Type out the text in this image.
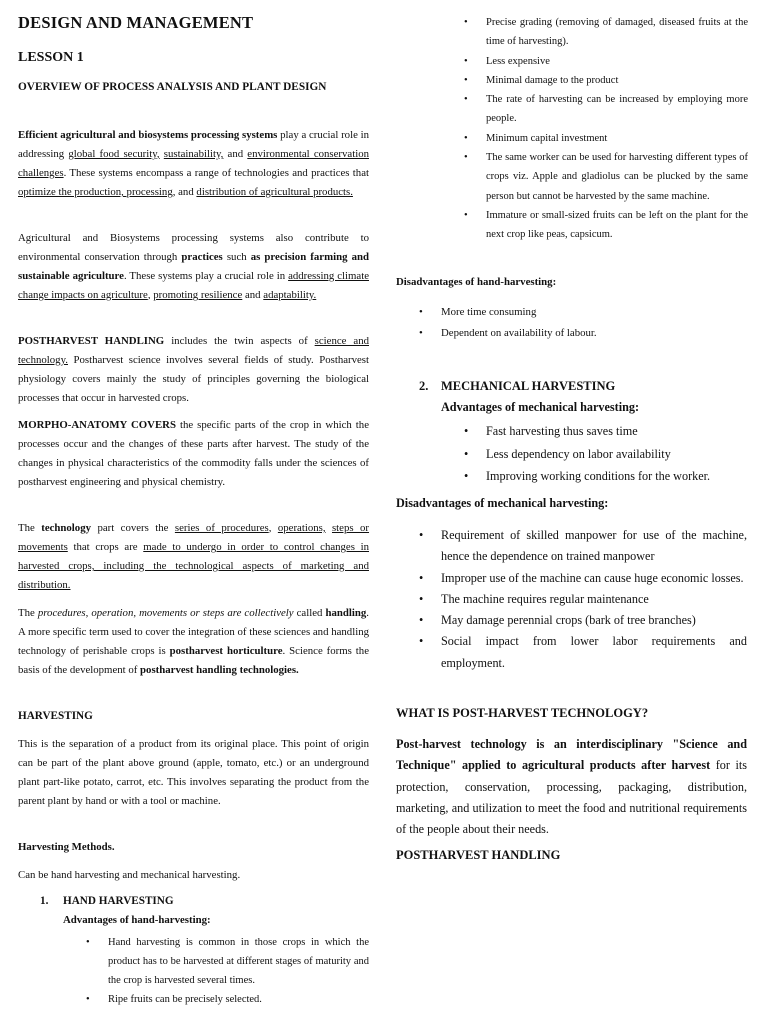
DESIGN AND MANAGEMENT
LESSON 1
OVERVIEW OF PROCESS ANALYSIS AND PLANT DESIGN

Efficient agricultural and biosystems processing systems play a crucial role in addressing global food security, sustainability, and environmental conservation challenges. These systems encompass a range of technologies and practices that optimize the production, processing, and distribution of agricultural products.

Agricultural and Biosystems processing systems also contribute to environmental conservation through practices such as precision farming and sustainable agriculture. These systems play a crucial role in addressing climate change impacts on agriculture, promoting resilience and adaptability.

POSTHARVEST HANDLING includes the twin aspects of science and technology. Postharvest science involves several fields of study. Postharvest physiology covers mainly the study of principles governing the biological processes that occur in harvested crops.

MORPHO-ANATOMY COVERS the specific parts of the crop in which the processes occur and the changes of these parts after harvest. The study of the changes in physical characteristics of the commodity falls under the sciences of postharvest engineering and physical chemistry.

The technology part covers the series of procedures, operations, steps or movements that crops are made to undergo in order to control changes in harvested crops, including the technological aspects of marketing and distribution.

The procedures, operation, movements or steps are collectively called handling. A more specific term used to cover the integration of these sciences and handling technology of perishable crops is postharvest horticulture. Science forms the basis of the development of postharvest handling technologies.

HARVESTING

This is the separation of a product from its original place. This point of origin can be part of the plant above ground (apple, tomato, etc.) or an underground plant part-like potato, carrot, etc. This involves separating the product from the parent plant by hand or with a tool or machine.

Harvesting Methods.

Can be hand harvesting and mechanical harvesting.

1. HAND HARVESTING
Advantages of hand-harvesting:
• Hand harvesting is common in those crops in which the product has to be harvested at different stages of maturity and the crop is harvested several times.
• Ripe fruits can be precisely selected.
• Precise grading (removing of damaged, diseased fruits at the time of harvesting).
• Less expensive
• Minimal damage to the product
• The rate of harvesting can be increased by employing more people.
• Minimum capital investment
• The same worker can be used for harvesting different types of crops viz. Apple and gladiolus can be plucked by the same person but cannot be harvested by the same machine.
• Immature or small-sized fruits can be left on the plant for the next crop like peas, capsicum.
Disadvantages of hand-harvesting:
• More time consuming
• Dependent on availability of labour.
2. MECHANICAL HARVESTING
Advantages of mechanical harvesting:
• Fast harvesting thus saves time
• Less dependency on labor availability
• Improving working conditions for the worker.
Disadvantages of mechanical harvesting:
• Requirement of skilled manpower for use of the machine, hence the dependence on trained manpower
• Improper use of the machine can cause huge economic losses.
• The machine requires regular maintenance
• May damage perennial crops (bark of tree branches)
• Social impact from lower labor requirements and employment.
WHAT IS POST-HARVEST TECHNOLOGY?

Post-harvest technology is an interdisciplinary "Science and Technique" applied to agricultural products after harvest for its protection, conservation, processing, packaging, distribution, marketing, and utilization to meet the food and nutritional requirements of the people about their needs.

POSTHARVEST HANDLING
